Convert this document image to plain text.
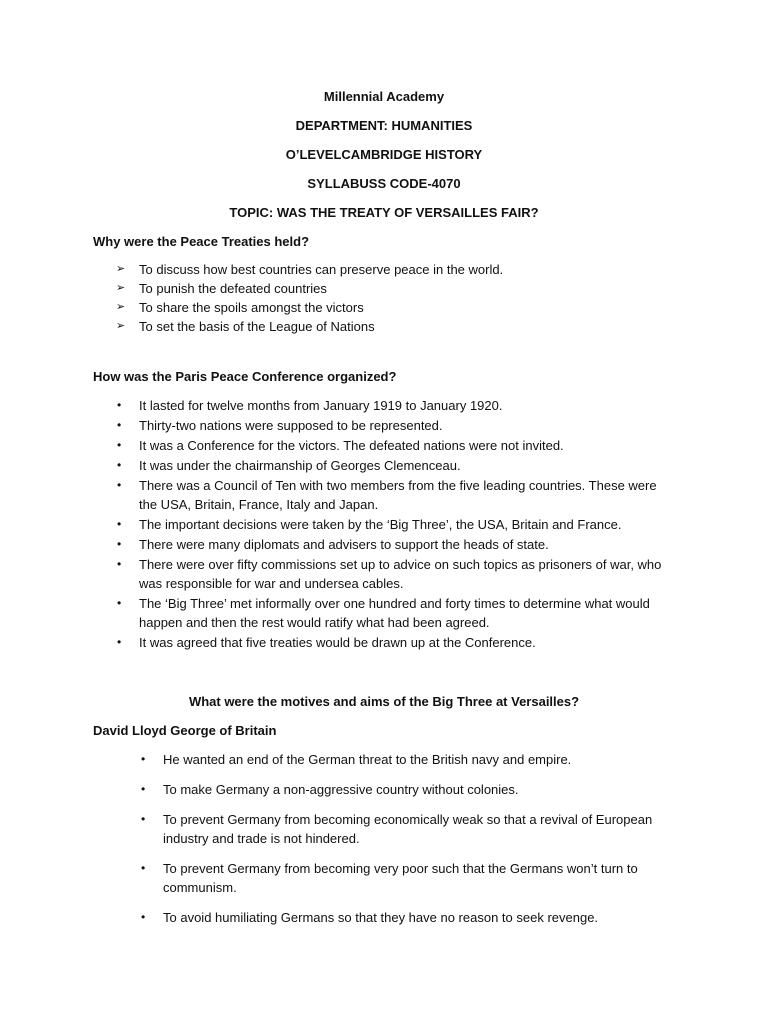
Millennial Academy

DEPARTMENT: HUMANITIES

O’LEVELCAMBRIDGE HISTORY

SYLLABUSS CODE-4070

TOPIC: WAS THE TREATY OF VERSAILLES FAIR?

Why were the Peace Treaties held?

➢ To discuss how best countries can preserve peace in the world.
➢ To punish the defeated countries
➢ To share the spoils amongst the victors
➢ To set the basis of the League of Nations

How was the Paris Peace Conference organized?

• It lasted for twelve months from January 1919 to January 1920.
• Thirty-two nations were supposed to be represented.
• It was a Conference for the victors. The defeated nations were not invited.
• It was under the chairmanship of Georges Clemenceau.
• There was a Council of Ten with two members from the five leading countries. These were the USA, Britain, France, Italy and Japan.
• The important decisions were taken by the ‘Big Three’, the USA, Britain and France.
• There were many diplomats and advisers to support the heads of state.
• There were over fifty commissions set up to advice on such topics as prisoners of war, who was responsible for war and undersea cables.
• The ‘Big Three’ met informally over one hundred and forty times to determine what would happen and then the rest would ratify what had been agreed.
• It was agreed that five treaties would be drawn up at the Conference.

What were the motives and aims of the Big Three at Versailles?

David Lloyd George of Britain

• He wanted an end of the German threat to the British navy and empire.
• To make Germany a non-aggressive country without colonies.
• To prevent Germany from becoming economically weak so that a revival of European industry and trade is not hindered.
• To prevent Germany from becoming very poor such that the Germans won’t turn to communism.
• To avoid humiliating Germans so that they have no reason to seek revenge.
